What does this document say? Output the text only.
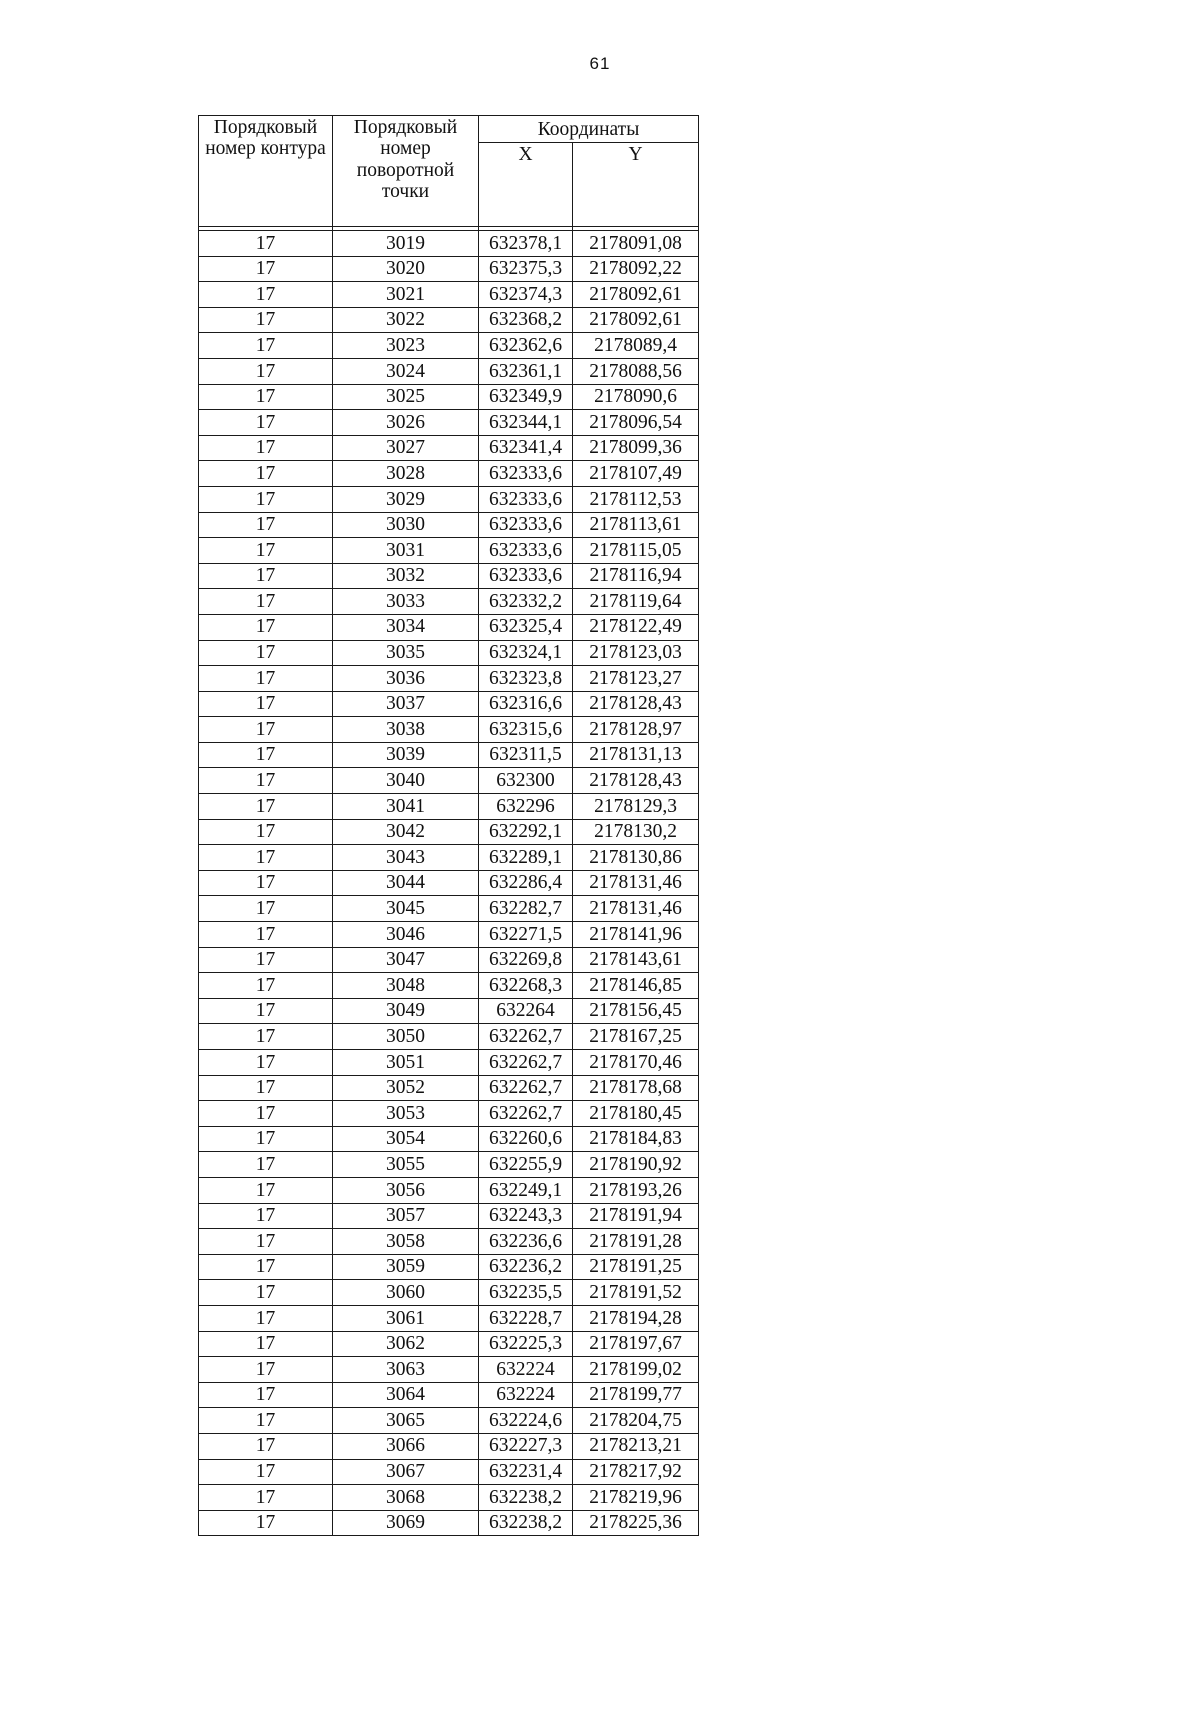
61
Порядковый номер контура	Порядковый
номер
поворотной
точки	Координаты	
		X	Y

17	3019	632378,1	2178091,08
17	3020	632375,3	2178092,22
17	3021	632374,3	2178092,61
17	3022	632368,2	2178092,61
17	3023	632362,6	2178089,4
17	3024	632361,1	2178088,56
17	3025	632349,9	2178090,6
17	3026	632344,1	2178096,54
17	3027	632341,4	2178099,36
17	3028	632333,6	2178107,49
17	3029	632333,6	2178112,53
17	3030	632333,6	2178113,61
17	3031	632333,6	2178115,05
17	3032	632333,6	2178116,94
17	3033	632332,2	2178119,64
17	3034	632325,4	2178122,49
17	3035	632324,1	2178123,03
17	3036	632323,8	2178123,27
17	3037	632316,6	2178128,43
17	3038	632315,6	2178128,97
17	3039	632311,5	2178131,13
17	3040	632300	2178128,43
17	3041	632296	2178129,3
17	3042	632292,1	2178130,2
17	3043	632289,1	2178130,86
17	3044	632286,4	2178131,46
17	3045	632282,7	2178131,46
17	3046	632271,5	2178141,96
17	3047	632269,8	2178143,61
17	3048	632268,3	2178146,85
17	3049	632264	2178156,45
17	3050	632262,7	2178167,25
17	3051	632262,7	2178170,46
17	3052	632262,7	2178178,68
17	3053	632262,7	2178180,45
17	3054	632260,6	2178184,83
17	3055	632255,9	2178190,92
17	3056	632249,1	2178193,26
17	3057	632243,3	2178191,94
17	3058	632236,6	2178191,28
17	3059	632236,2	2178191,25
17	3060	632235,5	2178191,52
17	3061	632228,7	2178194,28
17	3062	632225,3	2178197,67
17	3063	632224	2178199,02
17	3064	632224	2178199,77
17	3065	632224,6	2178204,75
17	3066	632227,3	2178213,21
17	3067	632231,4	2178217,92
17	3068	632238,2	2178219,96
17	3069	632238,2	2178225,36
